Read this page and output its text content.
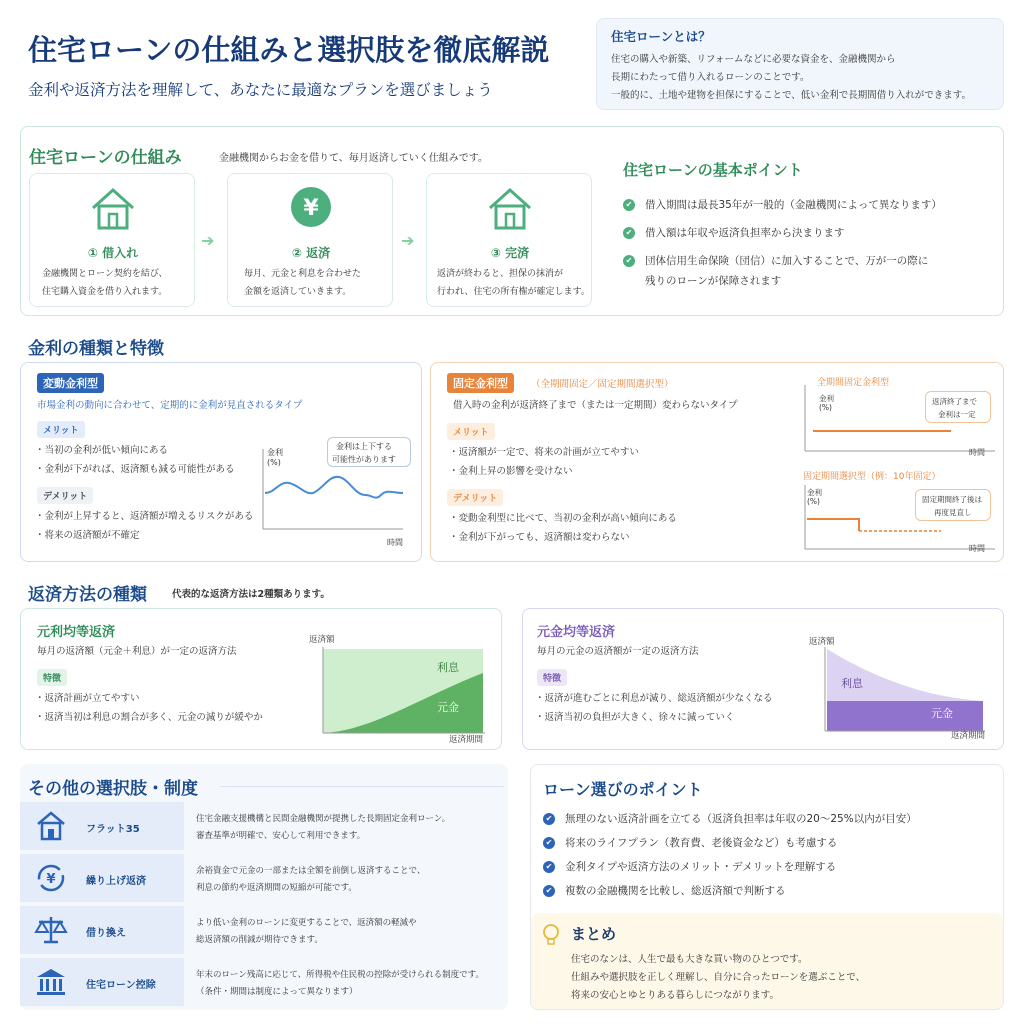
住宅ローンの仕組みと選択肢を徹底解説
金利や返済方法を理解して、あなたに最適なプランを選びましょう
住宅ローンとは？
住宅の購入や新築、リフォームなどに必要な資金を、金融機関から
長期にわたって借り入れるローンのことです。
一般的に、土地や建物を担保にすることで、低い金利で長期間借り入れができます。
住宅ローンの仕組み	金融機関からお金を借りて、毎月返済していく仕組みです。
① 借入れ
金融機関とローン契約を結び、
住宅購入資金を借り入れます。
➔
¥
② 返済
毎月、元金と利息を合わせた
金額を返済していきます。
➔
③ 完済
返済が終わると、担保の抹消が
行われ、住宅の所有権が確定します。
住宅ローンの基本ポイント
✔ 借入期間は最長35年が一般的（金融機関によって異なります）
✔ 借入額は年収や返済負担率から決まります
✔ 団体信用生命保険（団信）に加入することで、万が一の際に
残りのローンが保障されます
金利の種類と特徴
変動金利型
市場金利の動向に合わせて、定期的に金利が見直されるタイプ
メリット
・ 当初の金利が低い傾向にある
・ 金利が下がれば、返済額も減る可能性がある
デメリット
・ 金利が上昇すると、返済額が増えるリスクがある
・ 将来の返済額が不確定
金利
(%)
時間
金利は上下する
可能性があります
固定金利型	（全期間固定／固定期間選択型）
借入時の金利が返済終了まで（または一定期間）変わらないタイプ
メリット
・ 返済額が一定で、将来の計画が立てやすい
・ 金利上昇の影響を受けない
デメリット
・ 変動金利型に比べて、当初の金利が高い傾向にある
・ 金利が下がっても、返済額は変わらない
全期間固定金利型
金利
(%)
時間
返済終了まで
金利は一定
固定期間選択型（例：10年固定）
金利
(%)
時間
固定期間終了後は
再度見直し
返済方法の種類	代表的な返済方法は2種類あります。
元利均等返済
毎月の返済額（元金＋利息）が一定の返済方法
特徴
・ 返済計画が立てやすい
・ 返済当初は利息の割合が多く、元金の減りが緩やか
返済額
利息
元金
返済期間
元金均等返済
毎月の元金の返済額が一定の返済方法
特徴
・ 返済が進むごとに利息が減り、総返済額が少なくなる
・ 返済当初の負担が大きく、徐々に減っていく
返済額
利息
元金
返済期間
その他の選択肢・制度
フラット35
住宅金融支援機構と民間金融機関が提携した長期固定金利ローン。
審査基準が明確で、安心して利用できます。
¥	繰り上げ返済
余裕資金で元金の一部または全額を前倒し返済することで、
利息の節約や返済期間の短縮が可能です。
借り換え
より低い金利のローンに変更することで、返済額の軽減や
総返済額の削減が期待できます。
住宅ローン控除
年末のローン残高に応じて、所得税や住民税の控除が受けられる制度です。
（条件・期間は制度によって異なります）
ローン選びのポイント
✔ 無理のない返済計画を立てる（返済負担率は年収の20〜25%以内が目安）
✔ 将来のライフプラン（教育費、老後資金など）も考慮する
✔ 金利タイプや返済方法のメリット・デメリットを理解する
✔ 複数の金融機関を比較し、総返済額で判断する
まとめ
住宅のなンは、人生で最も大きな買い物のひとつです。
仕組みや選択肢を正しく理解し、自分に合ったローンを選ぶことで、
将来の安心とゆとりある暮らしにつながります。
